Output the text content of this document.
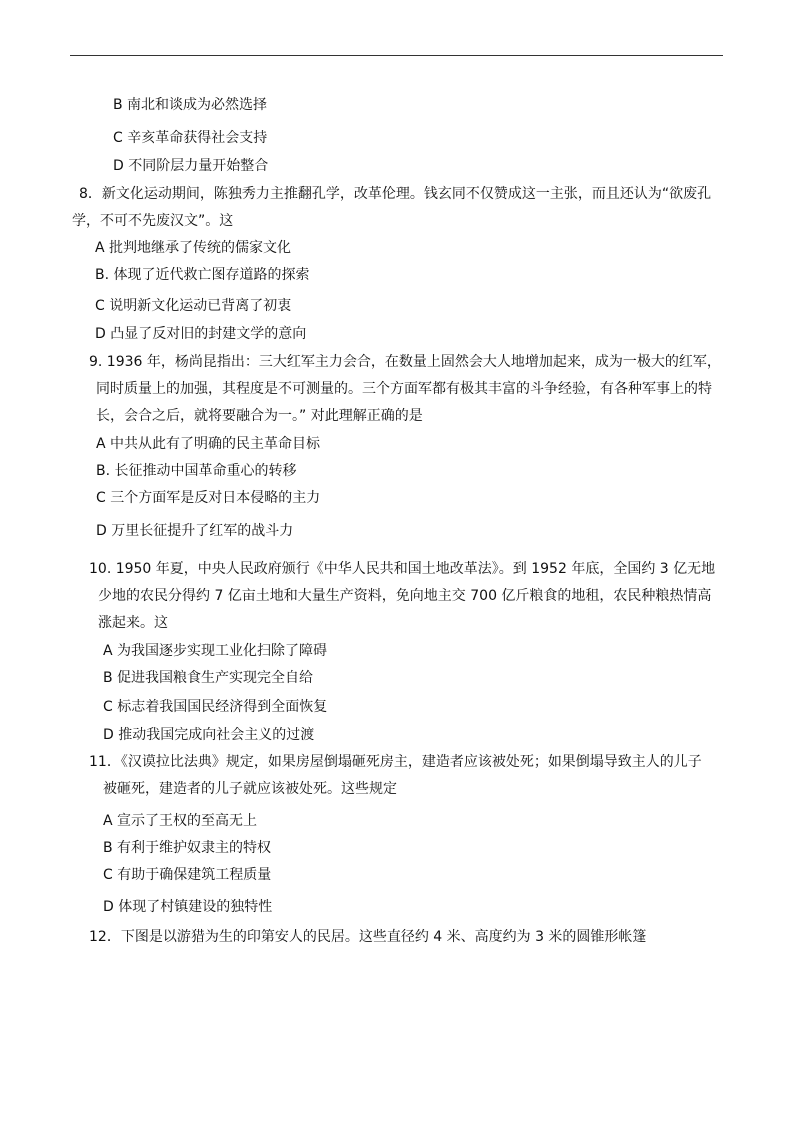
B 南北和谈成为必然选择
C 辛亥革命获得社会支持
D 不同阶层力量开始整合
8．新文化运动期间，陈独秀力主推翻孔学，改革伦理。钱玄同不仅赞成这一主张，而且还认为“欲废孔
学，不可不先废汉文”。这
A 批判地继承了传统的儒家文化
B. 体现了近代救亡图存道路的探索
C 说明新文化运动已背离了初衷
D 凸显了反对旧的封建文学的意向
9. 1936 年，杨尚昆指出：三大红军主力会合，在数量上固然会大人地增加起来，成为一极大的红军，
同时质量上的加强，其程度是不可测量的。三个方面军都有极其丰富的斗争经验，有各种军事上的特
长，会合之后，就将要融合为一。” 对此理解正确的是
A 中共从此有了明确的民主革命目标
B. 长征推动中国革命重心的转移
C 三个方面军是反对日本侵略的主力
D 万里长征提升了红军的战斗力
10. 1950 年夏，中央人民政府颁行《中华人民共和国土地改革法》。到 1952 年底，全国约 3 亿无地
少地的农民分得约 7 亿亩土地和大量生产资料，免向地主交 700 亿斤粮食的地租，农民种粮热情高
涨起来。这
A 为我国逐步实现工业化扫除了障碍
B 促进我国粮食生产实现完全自给
C 标志着我国国民经济得到全面恢复
D 推动我国完成向社会主义的过渡
11．《汉谟拉比法典》规定，如果房屋倒塌砸死房主，建造者应该被处死；如果倒塌导致主人的儿子
被砸死，建造者的儿子就应该被处死。这些规定
A 宣示了王权的至高无上
B 有利于维护奴隶主的特权
C 有助于确保建筑工程质量
D 体现了村镇建设的独特性
12．下图是以游猎为生的印第安人的民居。这些直径约 4 米、高度约为 3 米的圆锥形帐篷
